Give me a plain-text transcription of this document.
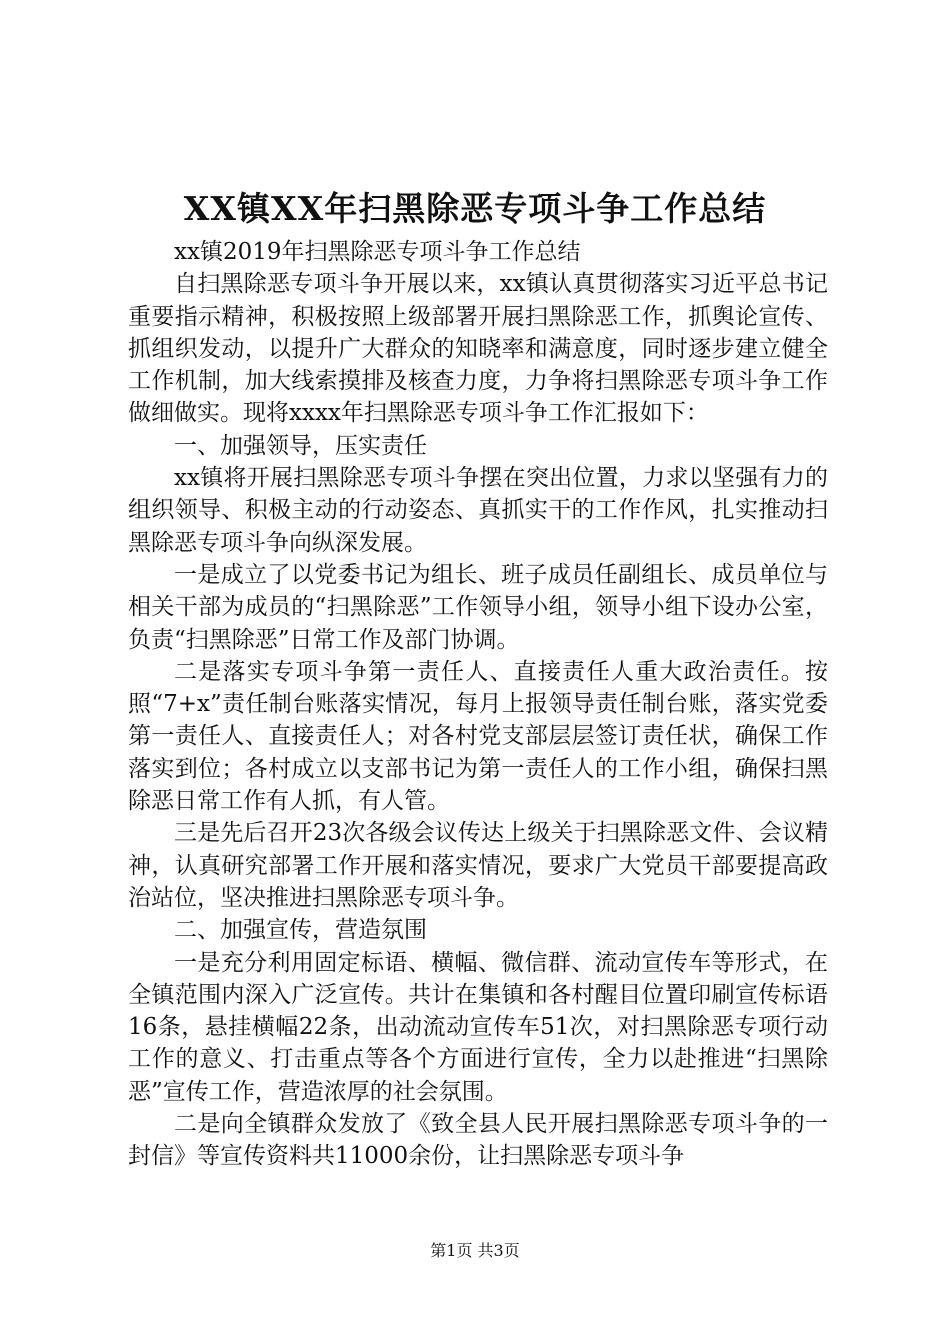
XX镇XX年扫黑除恶专项斗争工作总结

xx镇2019年扫黑除恶专项斗争工作总结

自扫黑除恶专项斗争开展以来，xx镇认真贯彻落实习近平总书记重要指示精神，积极按照上级部署开展扫黑除恶工作，抓舆论宣传、抓组织发动，以提升广大群众的知晓率和满意度，同时逐步建立健全工作机制，加大线索摸排及核查力度，力争将扫黑除恶专项斗争工作做细做实。现将xxxx年扫黑除恶专项斗争工作汇报如下：

一、加强领导，压实责任

xx镇将开展扫黑除恶专项斗争摆在突出位置，力求以坚强有力的组织领导、积极主动的行动姿态、真抓实干的工作作风，扎实推动扫黑除恶专项斗争向纵深发展。

一是成立了以党委书记为组长、班子成员任副组长、成员单位与相关干部为成员的“扫黑除恶”工作领导小组，领导小组下设办公室，负责“扫黑除恶”日常工作及部门协调。

二是落实专项斗争第一责任人、直接责任人重大政治责任。按照“7+x”责任制台账落实情况，每月上报领导责任制台账，落实党委第一责任人、直接责任人；对各村党支部层层签订责任状，确保工作落实到位；各村成立以支部书记为第一责任人的工作小组，确保扫黑除恶日常工作有人抓，有人管。

三是先后召开23次各级会议传达上级关于扫黑除恶文件、会议精神，认真研究部署工作开展和落实情况，要求广大党员干部要提高政治站位，坚决推进扫黑除恶专项斗争。

二、加强宣传，营造氛围

一是充分利用固定标语、横幅、微信群、流动宣传车等形式，在全镇范围内深入广泛宣传。共计在集镇和各村醒目位置印刷宣传标语16条，悬挂横幅22条，出动流动宣传车51次，对扫黑除恶专项行动工作的意义、打击重点等各个方面进行宣传，全力以赴推进“扫黑除恶”宣传工作，营造浓厚的社会氛围。

二是向全镇群众发放了《致全县人民开展扫黑除恶专项斗争的一封信》等宣传资料共11000余份，让扫黑除恶专项斗争

第1页 共3页
